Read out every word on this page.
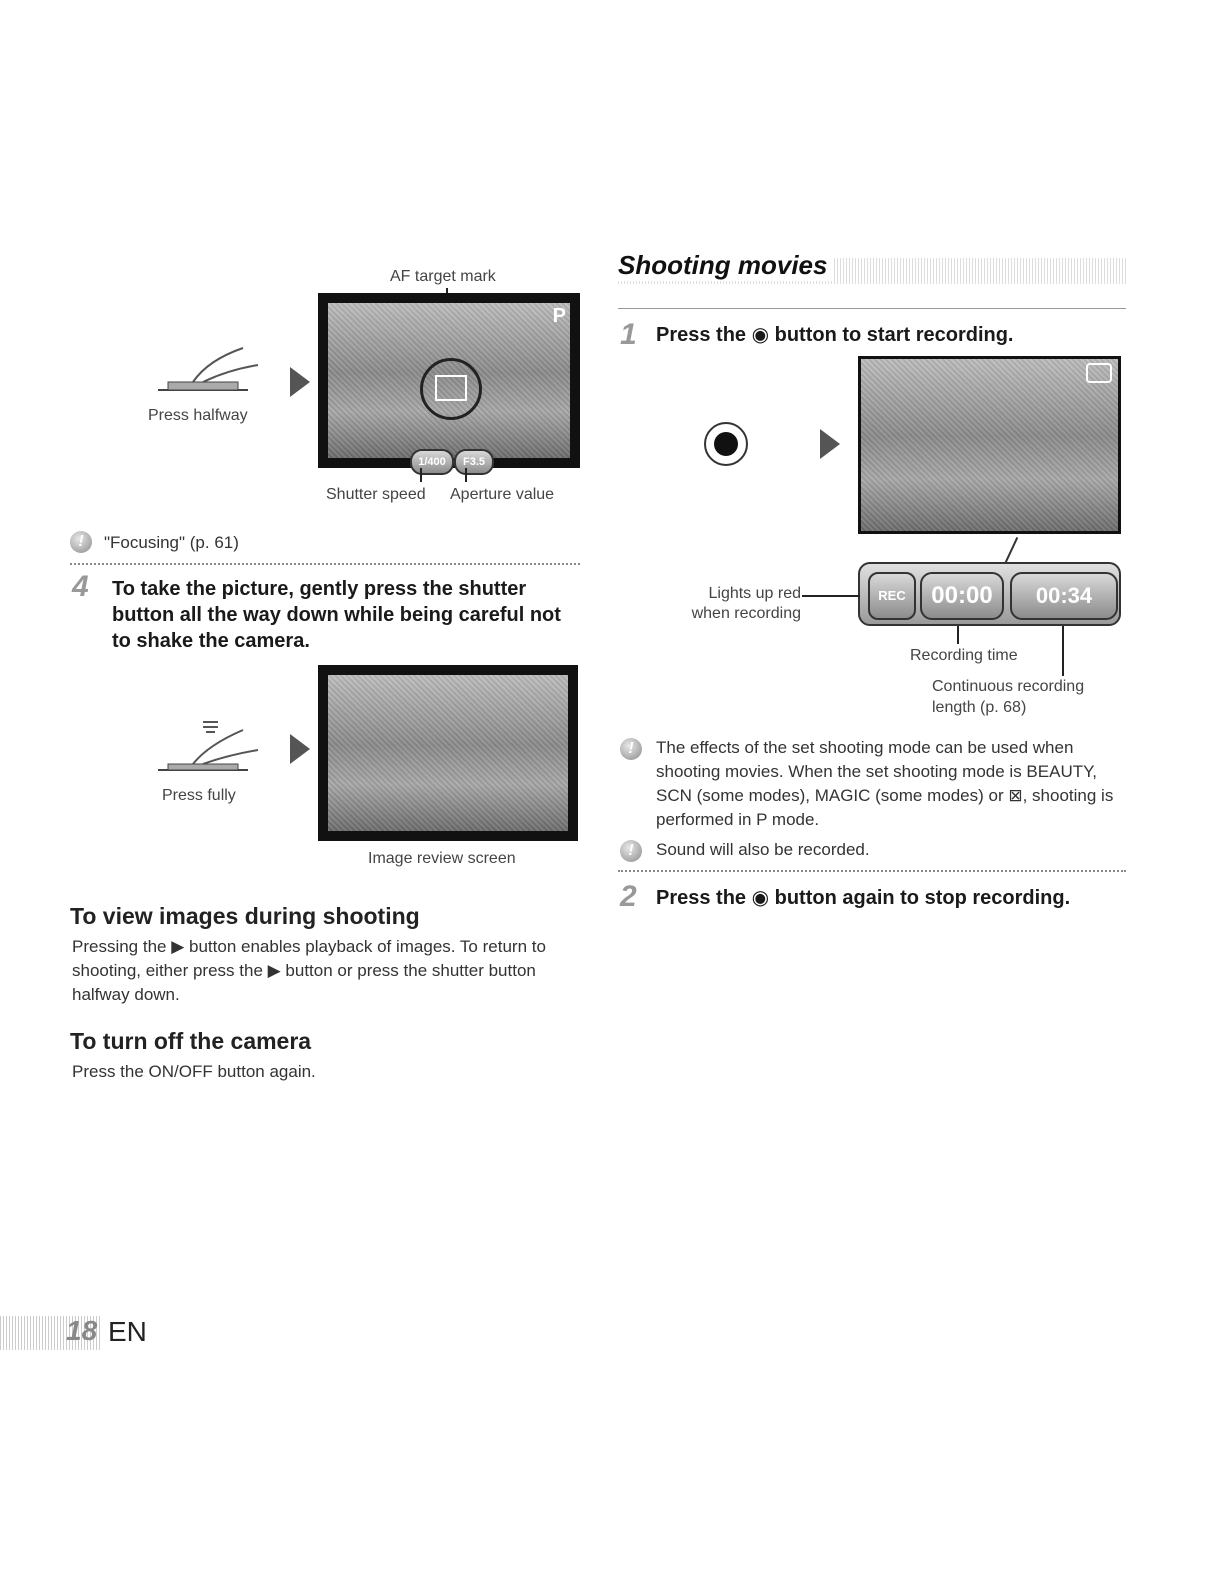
AF target mark
Press halfway
P
1/400	F3.5
Shutter speed Aperture value
!	"Focusing" (p. 61)
4 To take the picture, gently press the shutter button all the way down while being careful not to shake the camera.
Press fully
Image review screen
To view images during shooting
Pressing the ▶ button enables playback of images. To return to shooting, either press the ▶ button or press the shutter button halfway down.
To turn off the camera
Press the ON/OFF button again.
Shooting movies
1 Press the ◉ button to start recording.
REC	00:00	00:34
Lights up red when recording
Recording time
Continuous recording length (p. 68)
!	The effects of the set shooting mode can be used when shooting movies. When the set shooting mode is BEAUTY, SCN (some modes), MAGIC (some modes) or ⊠, shooting is performed in P mode.
!	Sound will also be recorded.
2 Press the ◉ button again to stop recording.
18 EN
